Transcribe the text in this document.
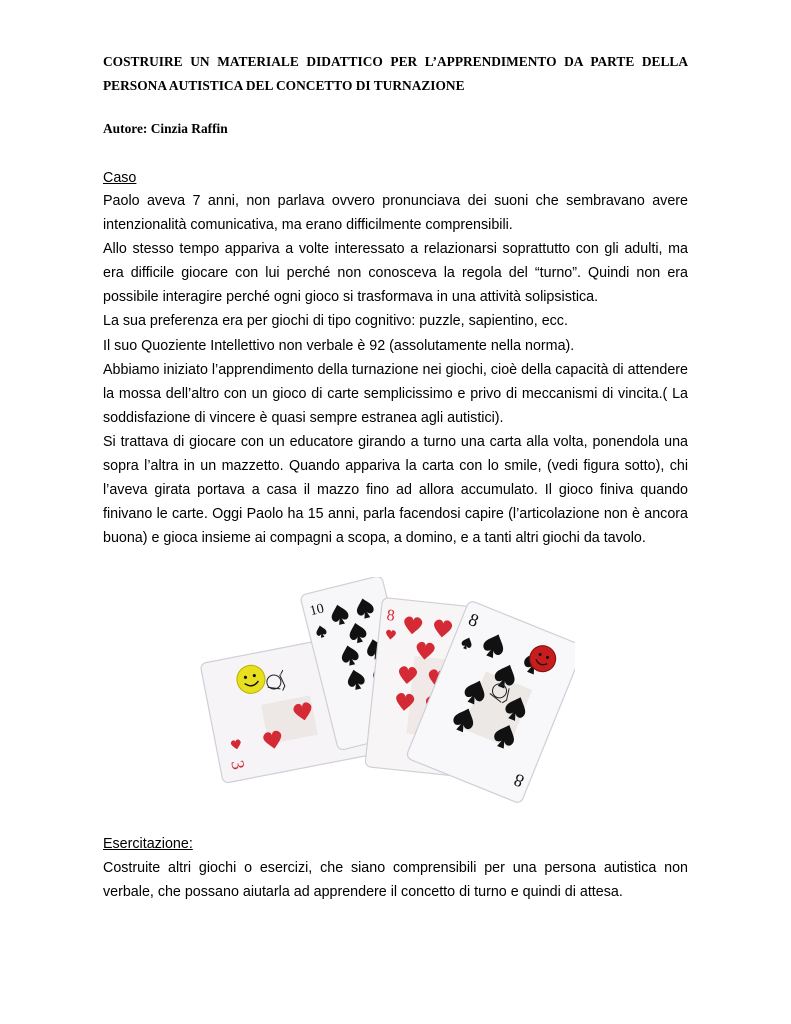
COSTRUIRE UN MATERIALE DIDATTICO PER L’APPRENDIMENTO DA PARTE DELLA PERSONA AUTISTICA DEL CONCETTO DI TURNAZIONE

Autore: Cinzia Raffin

Caso

Paolo aveva 7 anni, non parlava ovvero pronunciava dei suoni che sembravano avere intenzionalità comunicativa, ma erano difficilmente comprensibili.

Allo stesso tempo appariva a volte interessato a relazionarsi soprattutto con gli adulti, ma era difficile giocare con lui perché non conosceva la regola del “turno”. Quindi non era possibile interagire perché ogni gioco si trasformava in una attività solipsistica.

La sua preferenza era per giochi di tipo cognitivo: puzzle, sapientino, ecc.

Il suo Quoziente Intellettivo non verbale è 92 (assolutamente nella norma).

Abbiamo iniziato l’apprendimento della turnazione nei giochi, cioè della capacità di attendere la mossa dell’altro con un gioco di carte semplicissimo e privo di meccanismi di vincita.( La soddisfazione di vincere è quasi sempre estranea agli autistici).

Si trattava di giocare con un educatore girando a turno una carta alla volta, ponendola una sopra l’altra in un mazzetto. Quando appariva la carta con lo smile, (vedi figura sotto), chi l’aveva girata portava a casa il mazzo fino ad allora accumulato. Il gioco finiva quando finivano le carte. Oggi Paolo ha 15 anni, parla facendosi capire (l’articolazione non è ancora buona) e gioca insieme ai compagni a scopa, a domino, e a tanti altri giochi da tavolo.

3
10	8	8
8

Esercitazione:

Costruite altri giochi o esercizi, che siano comprensibili per una persona autistica non verbale, che possano aiutarla ad apprendere il concetto di turno e quindi di attesa.
